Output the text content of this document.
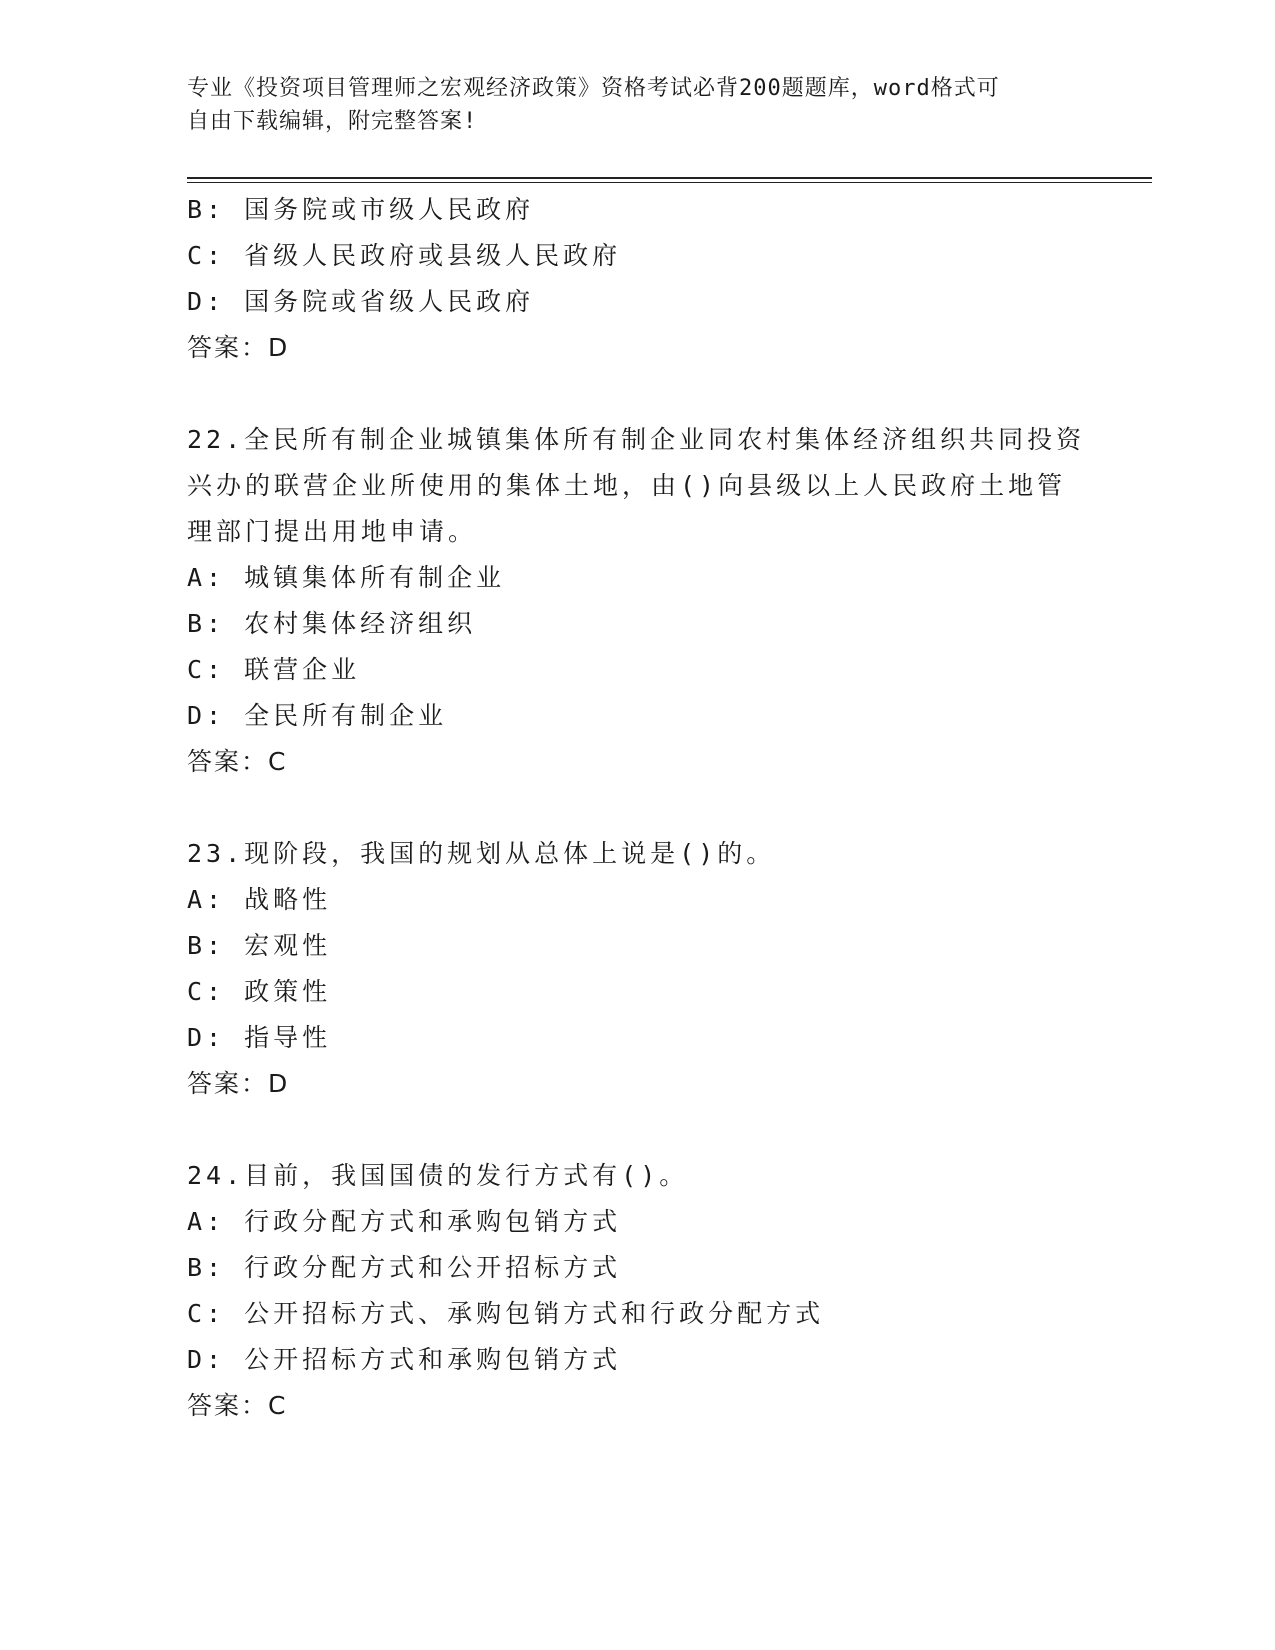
专业《投资项目管理师之宏观经济政策》资格考试必背200题题库，word格式可
自由下载编辑，附完整答案!
B: 国务院或市级人民政府
C: 省级人民政府或县级人民政府
D: 国务院或省级人民政府
答案：D
22.全民所有制企业城镇集体所有制企业同农村集体经济组织共同投资
兴办的联营企业所使用的集体土地，由()向县级以上人民政府土地管
理部门提出用地申请。
A: 城镇集体所有制企业
B: 农村集体经济组织
C: 联营企业
D: 全民所有制企业
答案：C
23.现阶段，我国的规划从总体上说是()的。
A: 战略性
B: 宏观性
C: 政策性
D: 指导性
答案：D
24.目前，我国国债的发行方式有()。
A: 行政分配方式和承购包销方式
B: 行政分配方式和公开招标方式
C: 公开招标方式、承购包销方式和行政分配方式
D: 公开招标方式和承购包销方式
答案：C
